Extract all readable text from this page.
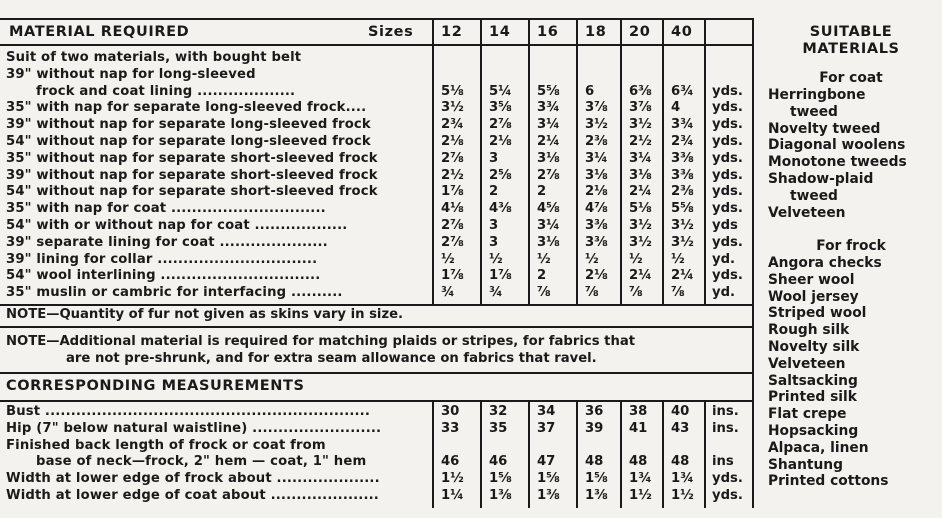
MATERIAL REQUIRED	Sizes 12 14 16 18 20 40
Suit of two materials, with bought belt
39" without nap for long-sleeved
frock and coat lining ...................	5⅛ 5¼ 5⅝ 6	6⅜ 6¾ yds.
35" with nap for separate long-sleeved frock....	3½ 3⅝ 3¾ 3⅞ 3⅞ 4 yds.
39" without nap for separate long-sleeved frock	2¾ 2⅞ 3¼ 3½ 3½ 3¾ yds.
54" without nap for separate long-sleeved frock	2⅛ 2⅛ 2¼ 2⅜ 2½ 2¾ yds.
35" without nap for separate short-sleeved frock	2⅞ 3	3⅛ 3¼ 3¼ 3⅜ yds.
39" without nap for separate short-sleeved frock	2½ 2⅝ 2⅞ 3⅛ 3⅛ 3⅜ yds.
54" without nap for separate short-sleeved frock	1⅞ 2	2	2⅛ 2¼ 2⅜ yds.
35" with nap for coat ..............................	4⅛ 4⅜ 4⅝ 4⅞ 5⅛ 5⅝ yds.
54" with or without nap for coat ..................	2⅞ 3	3¼ 3⅜ 3½ 3½ yds
39" separate lining for coat .....................	2⅞ 3	3⅛ 3⅜ 3½ 3½ yds.
39" lining for collar ...............................	½	½	½	½ ½ ½ yd.
54" wool interlining ...............................	1⅞ 1⅞ 2	2⅛ 2¼ 2¼ yds.
35" muslin or cambric for interfacing ..........	¾	¾	⅞	⅞ ⅞ ⅞ yd.
NOTE—Quantity of fur not given as skins vary in size.
NOTE—Additional material is required for matching plaids or stripes, for fabrics that
are not pre-shrunk, and for extra seam allowance on fabrics that ravel.
CORRESPONDING MEASUREMENTS
Bust ...............................................................	30 32 34 36 38 40 ins.
Hip (7" below natural waistline) .........................	33 35 37 39 41 43 ins.
Finished back length of frock or coat from
base of neck—frock, 2" hem — coat, 1" hem	46 46 47 48 48 48 ins
Width at lower edge of frock about ....................	1½ 1⅝ 1⅝ 1⅝ 1¾ 1¾ yds.
Width at lower edge of coat about .....................	1¼ 1⅜ 1⅜ 1⅜ 1½ 1½ yds.
SUITABLE
MATERIALS
For coat
Herringbone
tweed
Novelty tweed
Diagonal woolens
Monotone tweeds
Shadow-plaid
tweed
Velveteen
For frock
Angora checks
Sheer wool
Wool jersey
Striped wool
Rough silk
Novelty silk
Velveteen
Saltsacking
Printed silk
Flat crepe
Hopsacking
Alpaca, linen
Shantung
Printed cottons
